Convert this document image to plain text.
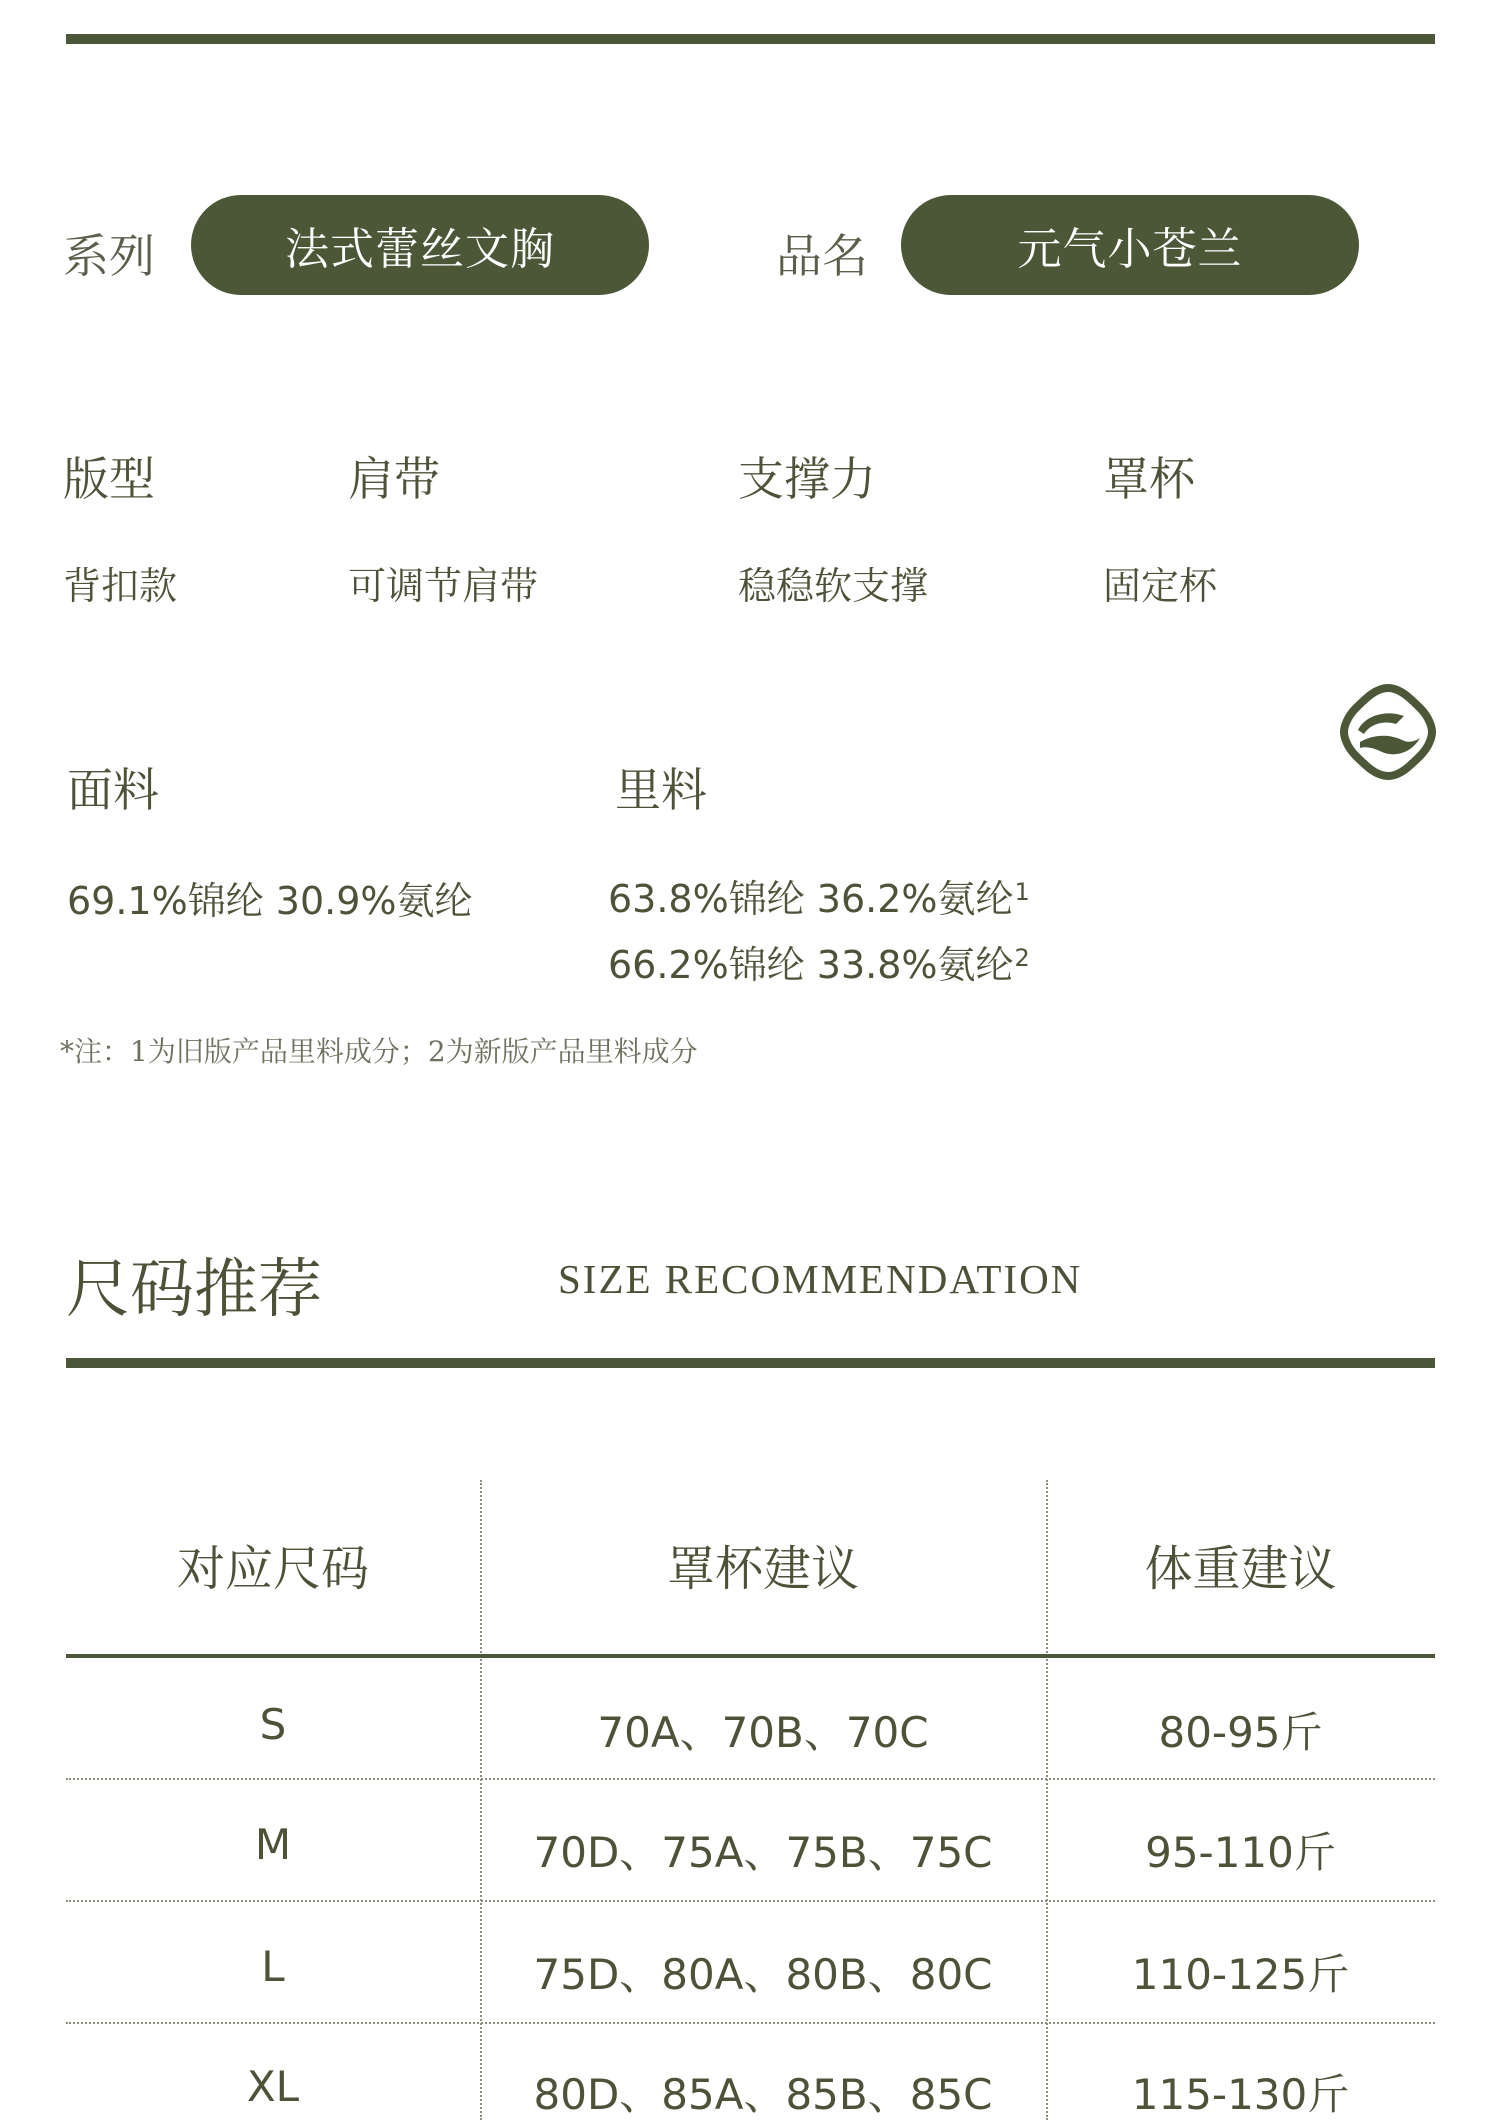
系列	法式蕾丝文胸	品名	元气小苍兰
版型	肩带	支撑力	罩杯
背扣款	可调节肩带	稳稳软支撑	固定杯
面料	里料
69.1%锦纶 30.9%氨纶	63.8%锦纶 36.2%氨纶$^1$
66.2%锦纶 33.8%氨纶$^2$
*注：1为旧版产品里料成分；2为新版产品里料成分
尺码推荐	SIZE RECOMMENDATION
对应尺码	罩杯建议	体重建议
S	70A、70B、70C	80-95斤
M	70D、75A、75B、75C	95-110斤
L	75D、80A、80B、80C	110-125斤
XL	80D、85A、85B、85C	115-130斤
